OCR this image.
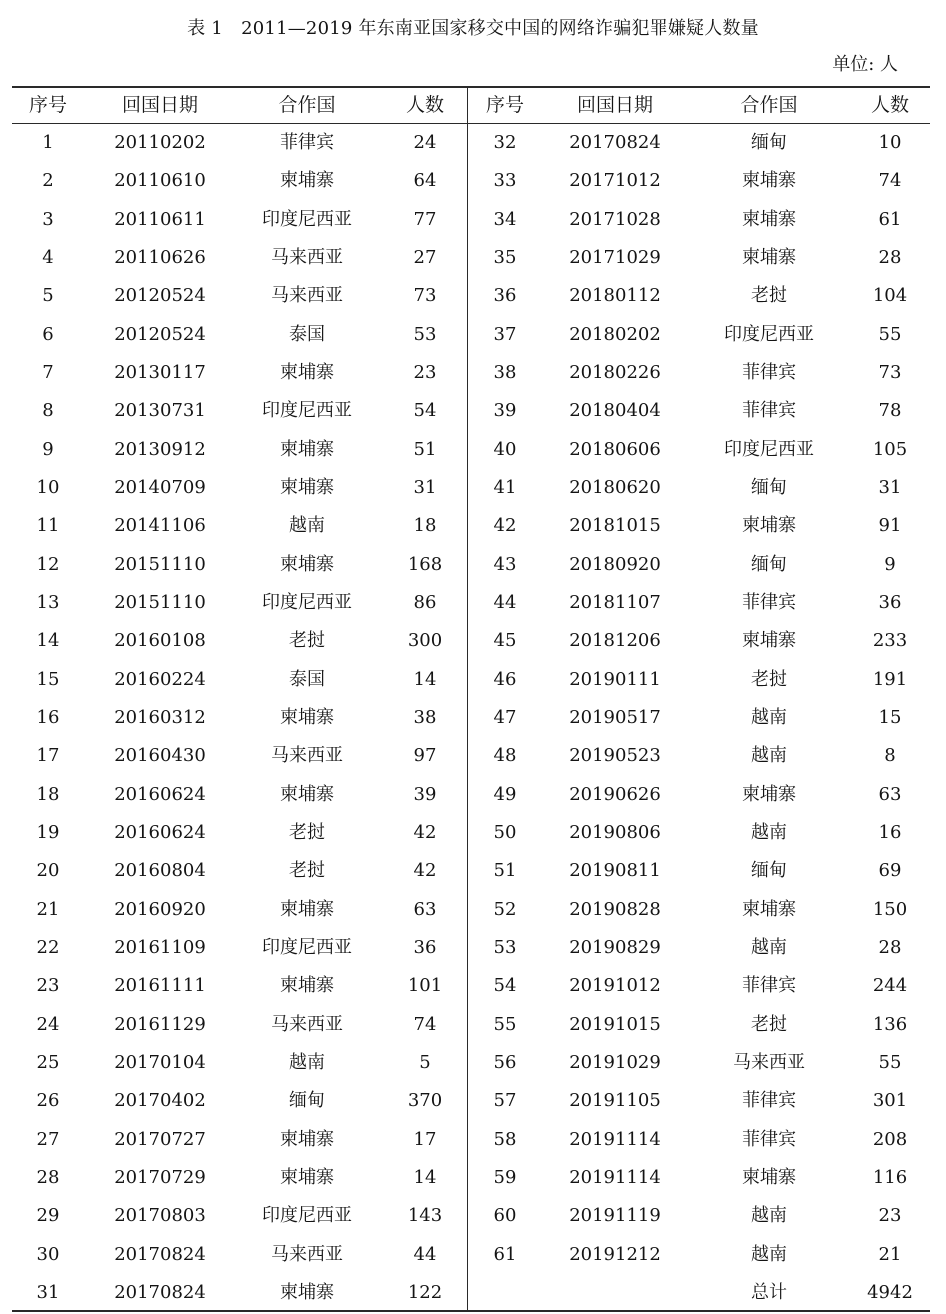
表 1　2011—2019 年东南亚国家移交中国的网络诈骗犯罪嫌疑人数量
单位: 人
序号	回国日期	合作国	人数	序号	回国日期	合作国	人数
1	20110202	菲律宾	24
2	20110610	柬埔寨	64
3	20110611	印度尼西亚	77
4	20110626	马来西亚	27
5	20120524	马来西亚	73
6	20120524	泰国	53
7	20130117	柬埔寨	23
8	20130731	印度尼西亚	54
9	20130912	柬埔寨	51
10	20140709	柬埔寨	31
11	20141106	越南	18
12	20151110	柬埔寨	168
13	20151110	印度尼西亚	86
14	20160108	老挝	300
15	20160224	泰国	14
16	20160312	柬埔寨	38
17	20160430	马来西亚	97
18	20160624	柬埔寨	39
19	20160624	老挝	42
20	20160804	老挝	42
21	20160920	柬埔寨	63
22	20161109	印度尼西亚	36
23	20161111	柬埔寨	101
24	20161129	马来西亚	74
25	20170104	越南	5
26	20170402	缅甸	370
27	20170727	柬埔寨	17
28	20170729	柬埔寨	14
29	20170803	印度尼西亚	143
30	20170824	马来西亚	44
31	20170824	柬埔寨	122
32	20170824	缅甸	10
33	20171012	柬埔寨	74
34	20171028	柬埔寨	61
35	20171029	柬埔寨	28
36	20180112	老挝	104
37	20180202	印度尼西亚	55
38	20180226	菲律宾	73
39	20180404	菲律宾	78
40	20180606	印度尼西亚	105
41	20180620	缅甸	31
42	20181015	柬埔寨	91
43	20180920	缅甸	9
44	20181107	菲律宾	36
45	20181206	柬埔寨	233
46	20190111	老挝	191
47	20190517	越南	15
48	20190523	越南	8
49	20190626	柬埔寨	63
50	20190806	越南	16
51	20190811	缅甸	69
52	20190828	柬埔寨	150
53	20190829	越南	28
54	20191012	菲律宾	244
55	20191015	老挝	136
56	20191029	马来西亚	55
57	20191105	菲律宾	301
58	20191114	菲律宾	208
59	20191114	柬埔寨	116
60	20191119	越南	23
61	20191212	越南	21
总计	4942
